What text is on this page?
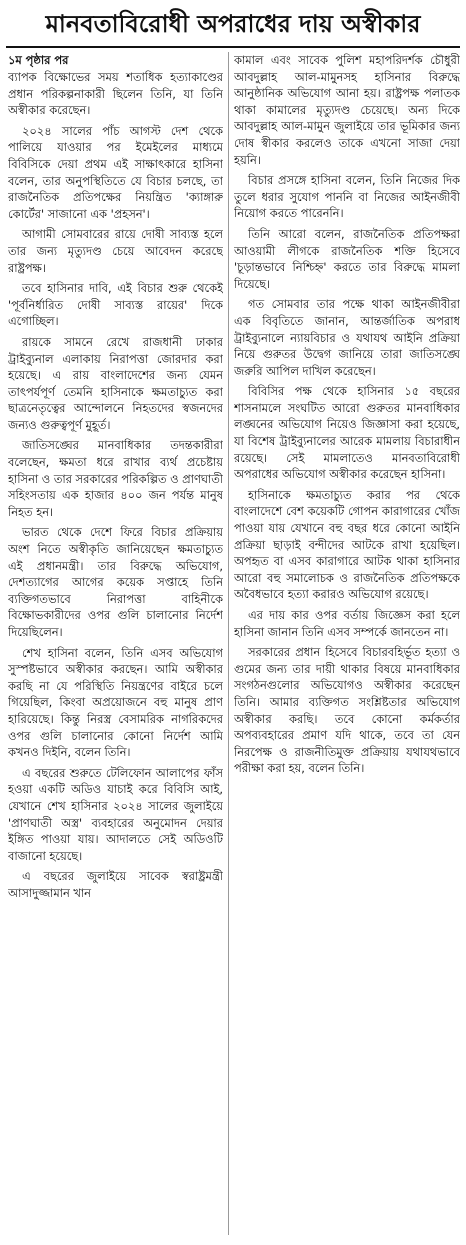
মানবতাবিরোধী অপরাধের দায় অস্বীকার
১ম পৃষ্ঠার পর

ব্যাপক বিক্ষোভের সময় শতাধিক হত্যাকাণ্ডের প্রধান পরিকল্পনাকারী ছিলেন তিনি, যা তিনি অস্বীকার করেছেন।

২০২৪ সালের পাঁচ আগস্ট দেশ থেকে পালিয়ে যাওয়ার পর ইমেইলের মাধ্যমে বিবিসিকে দেয়া প্রথম এই সাক্ষাৎকারে হাসিনা বলেন, তার অনুপস্থিতিতে যে বিচার চলছে, তা রাজনৈতিক প্রতিপক্ষের নিয়ন্ত্রিত 'ক্যাঙ্গারু কোর্টের' সাজানো এক 'প্রহসন'।

আগামী সোমবারের রায়ে দোষী সাব্যস্ত হলে তার জন্য মৃত্যুদণ্ড চেয়ে আবেদন করেছে রাষ্ট্রপক্ষ।

তবে হাসিনার দাবি, এই বিচার শুরু থেকেই 'পূর্বনির্ধারিত দোষী সাব্যস্ত রায়ের' দিকে এগোচ্ছিল।

রায়কে সামনে রেখে রাজধানী ঢাকার ট্রাইব্যুনাল এলাকায় নিরাপত্তা জোরদার করা হয়েছে। এ রায় বাংলাদেশের জন্য যেমন তাৎপর্যপূর্ণ তেমনি হাসিনাকে ক্ষমতাচ্যুত করা ছাত্রনেতৃত্বের আন্দোলনে নিহতদের স্বজনদের জন্যও গুরুত্বপূর্ণ মুহূর্ত।

জাতিসঙ্ঘের মানবাধিকার তদন্তকারীরা বলেছেন, ক্ষমতা ধরে রাখার ব্যর্থ প্রচেষ্টায় হাসিনা ও তার সরকারের পরিকল্পিত ও প্রাণঘাতী সহিংসতায় এক হাজার ৪০০ জন পর্যন্ত মানুষ নিহত হন।

ভারত থেকে দেশে ফিরে বিচার প্রক্রিয়ায় অংশ নিতে অস্বীকৃতি জানিয়েছেন ক্ষমতাচ্যুত এই প্রধানমন্ত্রী। তার বিরুদ্ধে অভিযোগ, দেশত্যাগের আগের কয়েক সপ্তাহে তিনি ব্যক্তিগতভাবে নিরাপত্তা বাহিনীকে বিক্ষোভকারীদের ওপর গুলি চালানোর নির্দেশ দিয়েছিলেন।

শেখ হাসিনা বলেন, তিনি এসব অভিযোগ সুস্পষ্টভাবে অস্বীকার করছেন। আমি অস্বীকার করছি না যে পরিস্থিতি নিয়ন্ত্রণের বাইরে চলে গিয়েছিল, কিংবা অপ্রয়োজনে বহু মানুষ প্রাণ হারিয়েছে। কিন্তু নিরস্ত্র বেসামরিক নাগরিকদের ওপর গুলি চালানোর কোনো নির্দেশ আমি কখনও দিইনি, বলেন তিনি।

এ বছরের শুরুতে টেলিফোন আলাপের ফাঁস হওয়া একটি অডিও যাচাই করে বিবিসি আই, যেখানে শেখ হাসিনার ২০২৪ সালের জুলাইয়ে 'প্রাণঘাতী অস্ত্র' ব্যবহারের অনুমোদন দেয়ার ইঙ্গিত পাওয়া যায়। আদালতে সেই অডিওটি বাজানো হয়েছে।

এ বছরের জুলাইয়ে সাবেক স্বরাষ্ট্রমন্ত্রী আসাদুজ্জামান খান

কামাল এবং সাবেক পুলিশ মহাপরিদর্শক চৌধুরী আবদুল্লাহ আল-মামুনসহ হাসিনার বিরুদ্ধে আনুষ্ঠানিক অভিযোগ আনা হয়। রাষ্ট্রপক্ষ পলাতক থাকা কামালের মৃত্যুদণ্ড চেয়েছে। অন্য দিকে আবদুল্লাহ আল-মামুন জুলাইয়ে তার ভূমিকার জন্য দোষ স্বীকার করলেও তাকে এখনো সাজা দেয়া হয়নি।

বিচার প্রসঙ্গে হাসিনা বলেন, তিনি নিজের দিক তুলে ধরার সুযোগ পাননি বা নিজের আইনজীবী নিয়োগ করতে পারেননি।

তিনি আরো বলেন, রাজনৈতিক প্রতিপক্ষরা আওয়ামী লীগকে রাজনৈতিক শক্তি হিসেবে 'চূড়ান্তভাবে নিশ্চিহ্ন' করতে তার বিরুদ্ধে মামলা দিয়েছে।

গত সোমবার তার পক্ষে থাকা আইনজীবীরা এক বিবৃতিতে জানান, আন্তর্জাতিক অপরাধ ট্রাইব্যুনালে ন্যায়বিচার ও যথাযথ আইনি প্রক্রিয়া নিয়ে গুরুতর উদ্বেগ জানিয়ে তারা জাতিসঙ্ঘে জরুরি আপিল দাখিল করেছেন।

বিবিসির পক্ষ থেকে হাসিনার ১৫ বছরের শাসনামলে সংঘটিত আরো গুরুতর মানবাধিকার লঙ্ঘনের অভিযোগ নিয়েও জিজ্ঞাসা করা হয়েছে, যা বিশেষ ট্রাইব্যুনালের আরেক মামলায় বিচারাধীন রয়েছে। সেই মামলাতেও মানবতাবিরোধী অপরাধের অভিযোগ অস্বীকার করেছেন হাসিনা।

হাসিনাকে ক্ষমতাচ্যুত করার পর থেকে বাংলাদেশে বেশ কয়েকটি গোপন কারাগারের খোঁজ পাওয়া যায় যেখানে বহু বছর ধরে কোনো আইনি প্রক্রিয়া ছাড়াই বন্দীদের আটকে রাখা হয়েছিল। অপহৃত বা এসব কারাগারে আটক থাকা হাসিনার আরো বহু সমালোচক ও রাজনৈতিক প্রতিপক্ষকে অবৈধভাবে হত্যা করারও অভিযোগ রয়েছে।

এর দায় কার ওপর বর্তায় জিজ্ঞেস করা হলে হাসিনা জানান তিনি এসব সম্পর্কে জানতেন না।

সরকারের প্রধান হিসেবে বিচারবহির্ভূত হত্যা ও গুমের জন্য তার দায়ী থাকার বিষয়ে মানবাধিকার সংগঠনগুলোর অভিযোগও অস্বীকার করেছেন তিনি। আমার ব্যক্তিগত সংশ্লিষ্টতার অভিযোগ অস্বীকার করছি। তবে কোনো কর্মকর্তার অপব্যবহারের প্রমাণ যদি থাকে, তবে তা যেন নিরপেক্ষ ও রাজনীতিমুক্ত প্রক্রিয়ায় যথাযথভাবে পরীক্ষা করা হয়, বলেন তিনি।
